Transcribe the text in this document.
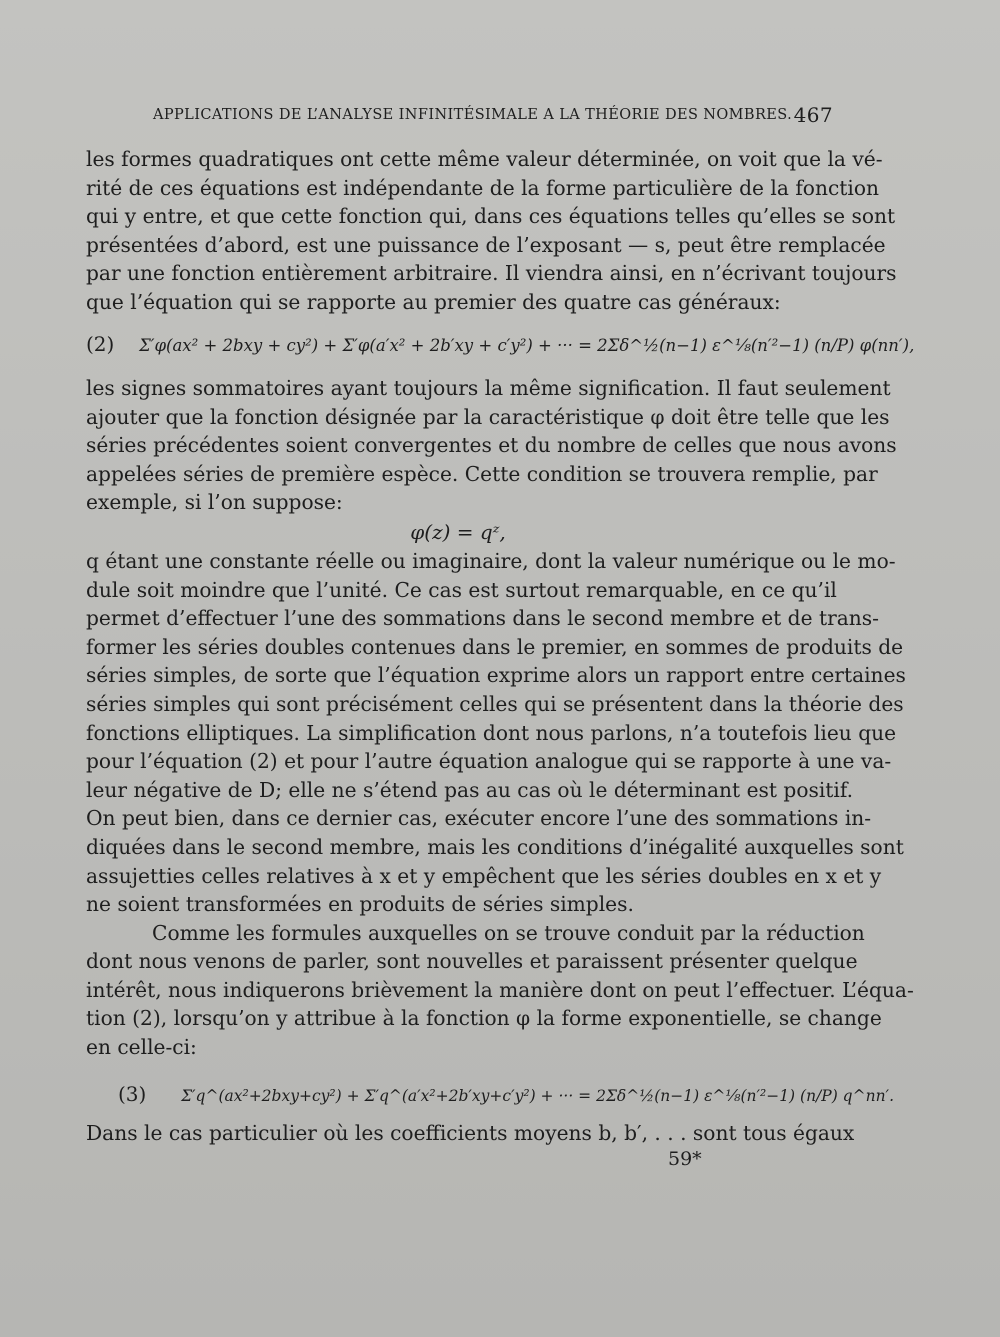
APPLICATIONS DE L’ANALYSE INFINITÉSIMALE A LA THÉORIE DES NOMBRES. 467
les formes quadratiques ont cette même valeur déterminée, on voit que la vé-
rité de ces équations est indépendante de la forme particulière de la fonction
qui y entre, et que cette fonction qui, dans ces équations telles qu’elles se sont
présentées d’abord, est une puissance de l’exposant — s, peut être remplacée
par une fonction entièrement arbitraire. Il viendra ainsi, en n’écrivant toujours
que l’équation qui se rapporte au premier des quatre cas généraux:
(2) Σ′φ(ax² + 2bxy + cy²) + Σ′φ(a′x² + 2b′xy + c′y²) + ··· = 2Σδ^½(n−1) ε^⅛(n′²−1) (n/P) φ(nn′),
les signes sommatoires ayant toujours la même signification. Il faut seulement
ajouter que la fonction désignée par la caractéristique φ doit être telle que les
séries précédentes soient convergentes et du nombre de celles que nous avons
appelées séries de première espèce. Cette condition se trouvera remplie, par
exemple, si l’on suppose:
φ(z) = qᶻ,
q étant une constante réelle ou imaginaire, dont la valeur numérique ou le mo-
dule soit moindre que l’unité. Ce cas est surtout remarquable, en ce qu’il
permet d’effectuer l’une des sommations dans le second membre et de trans-
former les séries doubles contenues dans le premier, en sommes de produits de
séries simples, de sorte que l’équation exprime alors un rapport entre certaines
séries simples qui sont précisément celles qui se présentent dans la théorie des
fonctions elliptiques. La simplification dont nous parlons, n’a toutefois lieu que
pour l’équation (2) et pour l’autre équation analogue qui se rapporte à une va-
leur négative de D; elle ne s’étend pas au cas où le déterminant est positif.
On peut bien, dans ce dernier cas, exécuter encore l’une des sommations in-
diquées dans le second membre, mais les conditions d’inégalité auxquelles sont
assujetties celles relatives à x et y empêchent que les séries doubles en x et y
ne soient transformées en produits de séries simples.
Comme les formules auxquelles on se trouve conduit par la réduction
dont nous venons de parler, sont nouvelles et paraissent présenter quelque
intérêt, nous indiquerons brièvement la manière dont on peut l’effectuer. L’équa-
tion (2), lorsqu’on y attribue à la fonction φ la forme exponentielle, se change
en celle-ci:
(3) Σ′q^(ax²+2bxy+cy²) + Σ′q^(a′x²+2b′xy+c′y²) + ··· = 2Σδ^½(n−1) ε^⅛(n′²−1) (n/P) q^nn′.
Dans le cas particulier où les coefficients moyens b, b′, . . . sont tous égaux
59*
